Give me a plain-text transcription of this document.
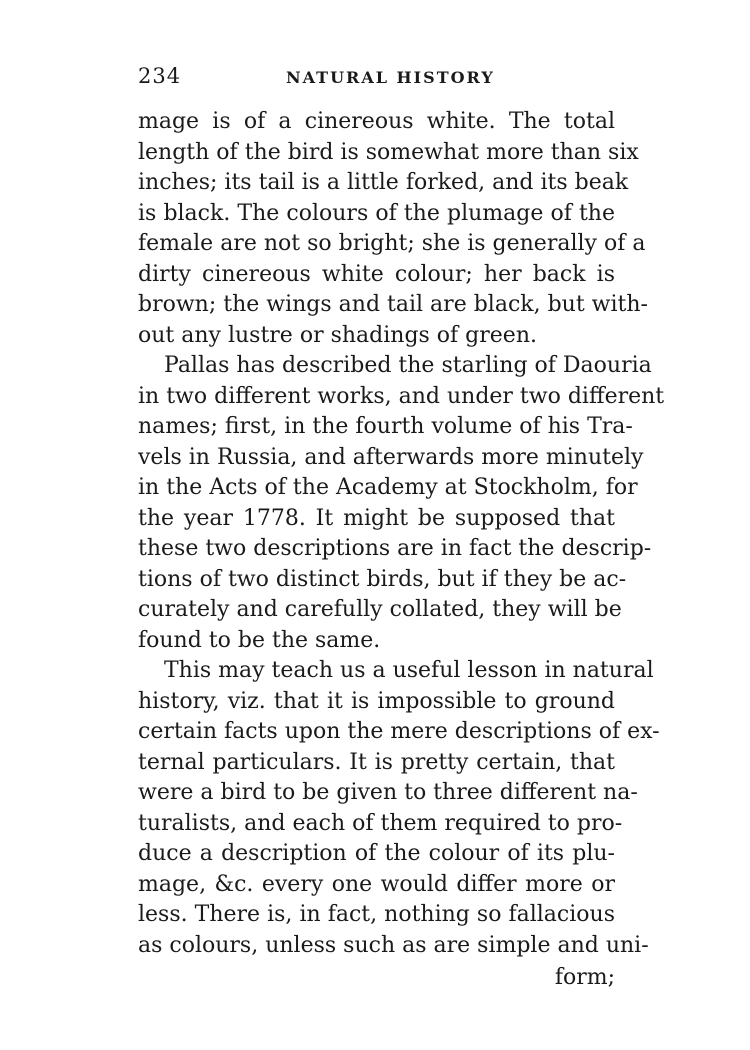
234	NATURAL HISTORY
mage is of a cinereous white. The total
length of the bird is somewhat more than six
inches; its tail is a little forked, and its beak
is black. The colours of the plumage of the
female are not so bright; she is generally of a
dirty cinereous white colour; her back is
brown; the wings and tail are black, but with-
out any lustre or shadings of green.
Pallas has described the starling of Daouria
in two different works, and under two different
names; first, in the fourth volume of his Tra-
vels in Russia, and afterwards more minutely
in the Acts of the Academy at Stockholm, for
the year 1778. It might be supposed that
these two descriptions are in fact the descrip-
tions of two distinct birds, but if they be ac-
curately and carefully collated, they will be
found to be the same.
This may teach us a useful lesson in natural
history, viz. that it is impossible to ground
certain facts upon the mere descriptions of ex-
ternal particulars. It is pretty certain, that
were a bird to be given to three different na-
turalists, and each of them required to pro-
duce a description of the colour of its plu-
mage, &c. every one would differ more or
less. There is, in fact, nothing so fallacious
as colours, unless such as are simple and uni-
form;
